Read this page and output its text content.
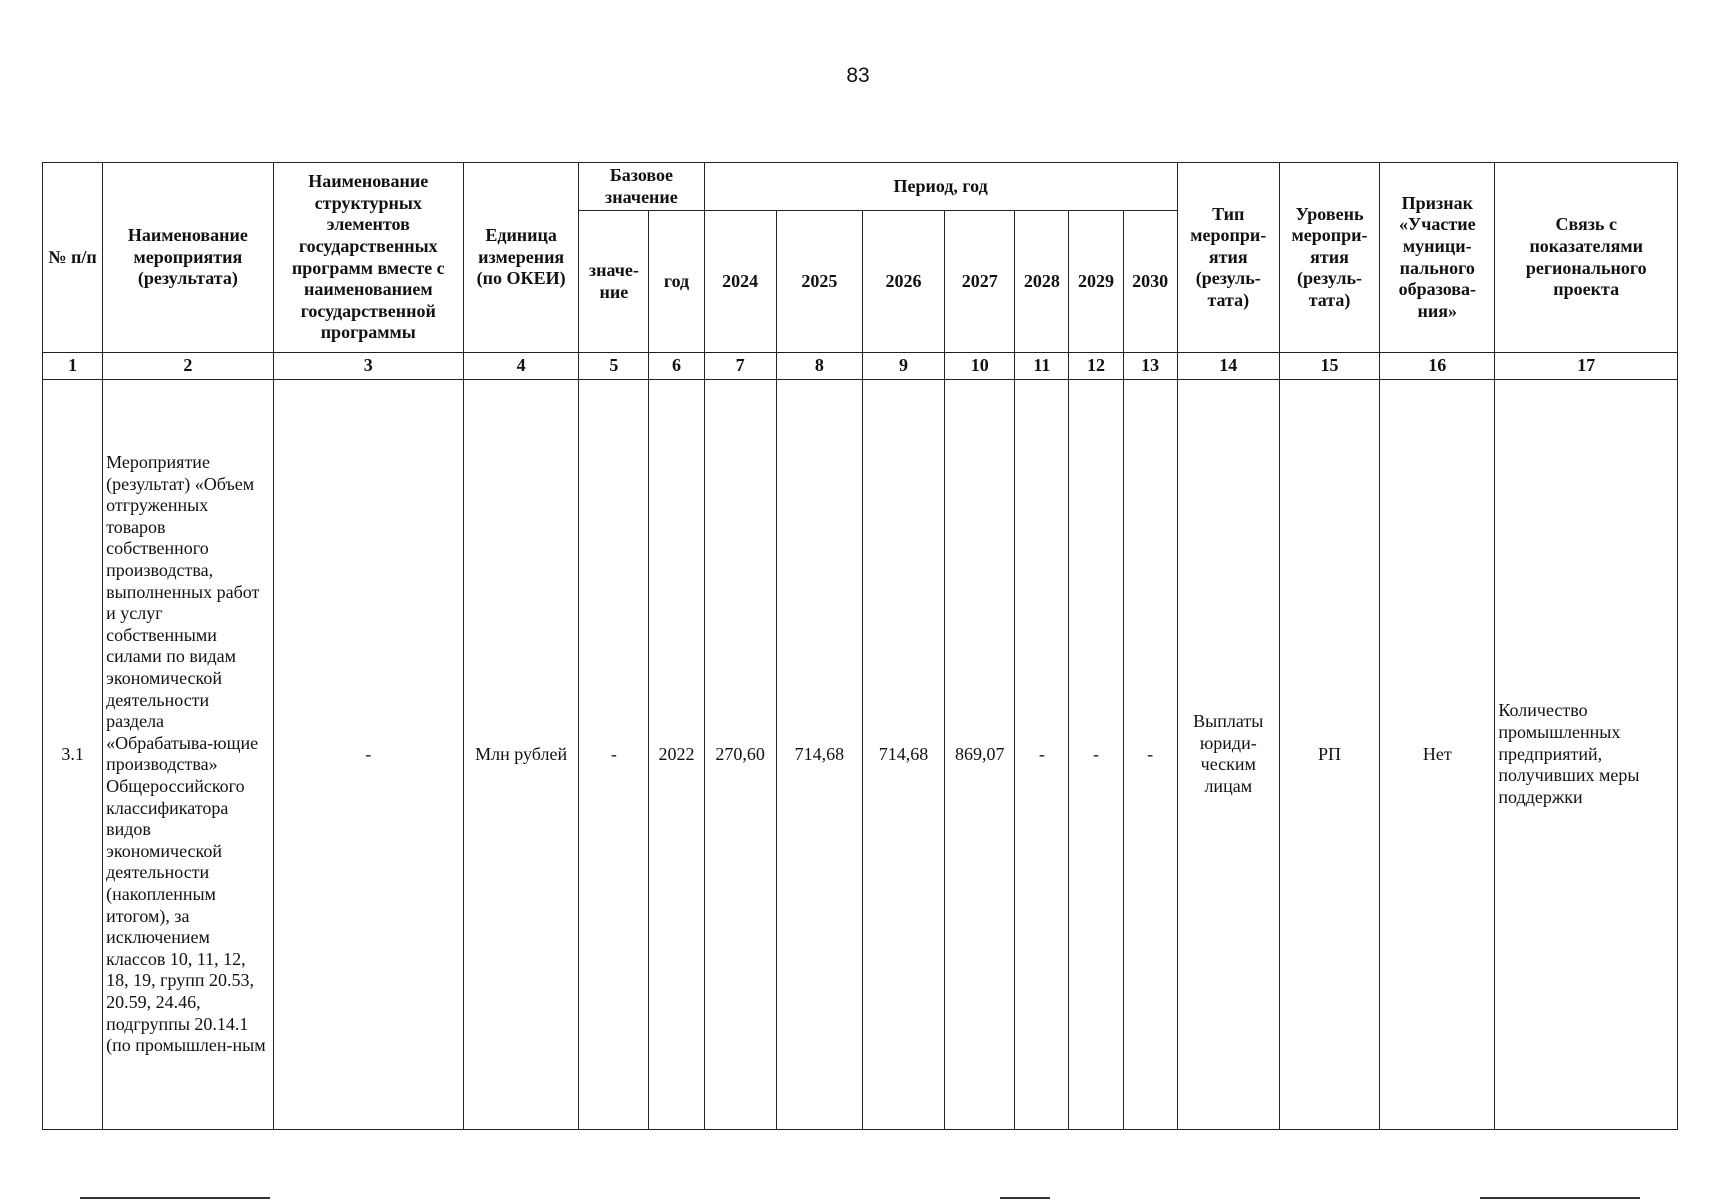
83
№ п/п	Наименование мероприятия (результата)	Наименование структурных элементов государственных программ вместе с наименованием государственной программы	Единица измерения (по ОКЕИ)	Базовое значение		Период, год							Тип меропри-ятия (резуль-тата)	Уровень меропри-ятия (резуль-тата)	Признак «Участие муници-пального образова-ния»	Связь с показателями регионального проекта
				значе-ние	год	2024	2025	2026	2027	2028	2029	2030				
1	2	3	4	5	6	7	8	9	10	11	12	13	14	15	16	17
3.1	Мероприятие (результат) «Объем отгруженных товаров собственного производства, выполненных работ и услуг собственными силами по видам экономической деятельности раздела «Обрабатыва-ющие производства» Общероссийского классификатора видов экономической деятельности (накопленным итогом), за исключением классов 10, 11, 12, 18, 19, групп 20.53, 20.59, 24.46, подгруппы 20.14.1 (по промышлен-ным	-	Млн рублей	-	2022	270,60	714,68	714,68	869,07	-	-	-	Выплаты юриди-ческим лицам	РП	Нет	Количество промышленных предприятий, получивших меры поддержки
